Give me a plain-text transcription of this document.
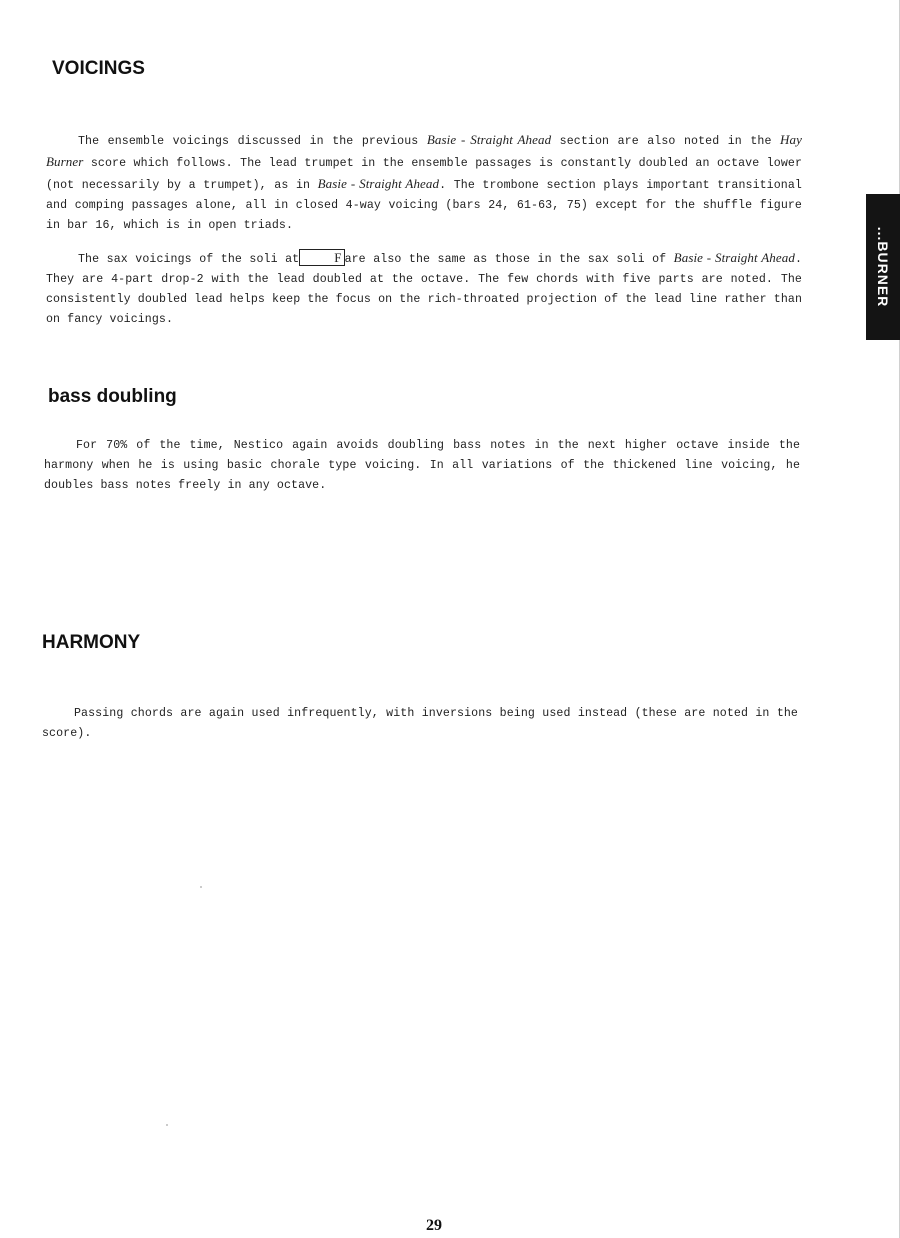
VOICINGS

The ensemble voicings discussed in the previous Basie - Straight Ahead section are also noted in the Hay Burner score which follows. The lead trumpet in the ensemble passages is constantly doubled an octave lower (not necessarily by a trumpet), as in Basie - Straight Ahead. The trombone section plays important transitional and comping passages alone, all in closed 4-way voicing (bars 24, 61-63, 75) except for the shuffle figure in bar 16, which is in open triads.

The sax voicings of the soli at	F are also the same as those in the sax soli of Basie - Straight Ahead. They are 4-part drop-2 with the lead doubled at the octave. The few chords with five parts are noted. The consistently doubled lead helps keep the focus on the rich-throated projection of the lead line rather than on fancy voicings.

bass doubling

For 70% of the time, Nestico again avoids doubling bass notes in the next higher octave inside the harmony when he is using basic chorale type voicing. In all variations of the thickened line voicing, he doubles bass notes freely in any octave.

HARMONY

Passing chords are again used infrequently, with inversions being used instead (these are noted in the score).

...BURNER
29
